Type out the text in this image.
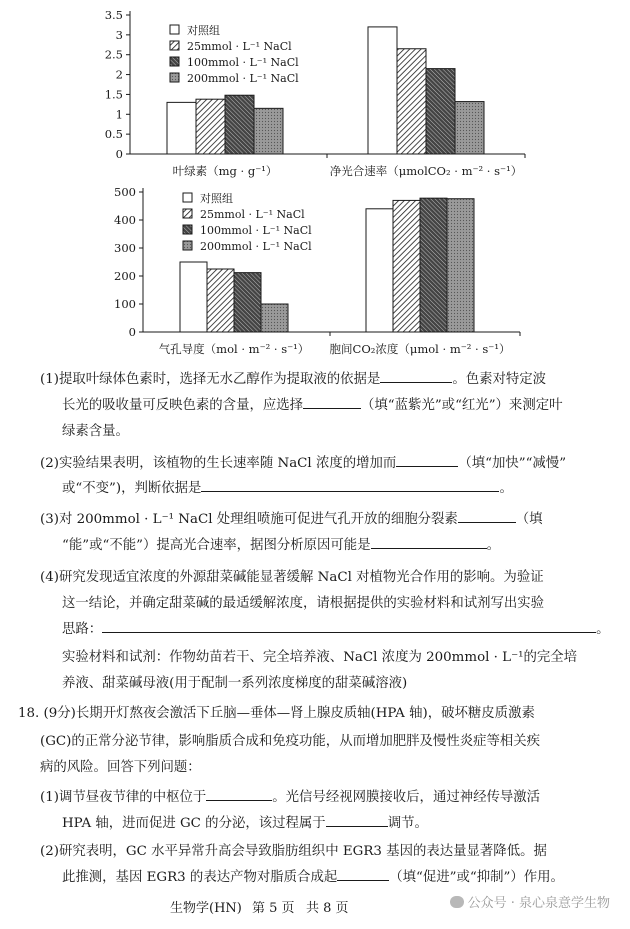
3.5
3
2.5
2
1.5
1
0.5
0
叶绿素（mg · g⁻¹）	净光合速率（μmolCO₂ · m⁻² · s⁻¹）
对照组
25mmol · L⁻¹ NaCl
100mmol · L⁻¹ NaCl
200mmol · L⁻¹ NaCl
500
400
300
200
100
0
气孔导度（mol · m⁻² · s⁻¹） 胞间CO₂浓度（μmol · m⁻² · s⁻¹）
对照组
25mmol · L⁻¹ NaCl
100mmol · L⁻¹ NaCl
200mmol · L⁻¹ NaCl
(1)提取叶绿体色素时，选择无水乙醇作为提取液的依据是	。色素对特定波
长光的吸收量可反映色素的含量，应选择	（填“蓝紫光”或“红光”）来测定叶
绿素含量。
(2)实验结果表明，该植物的生长速率随 NaCl 浓度的增加而	（填“加快”“减慢”
或“不变”)，判断依据是	。
(3)对 200mmol · L⁻¹ NaCl 处理组喷施可促进气孔开放的细胞分裂素	（填
“能”或“不能”）提高光合速率，据图分析原因可能是	。
(4)研究发现适宜浓度的外源甜菜碱能显著缓解 NaCl 对植物光合作用的影响。为验证
这一结论，并确定甜菜碱的最适缓解浓度，请根据提供的实验材料和试剂写出实验
思路：	。
实验材料和试剂：作物幼苗若干、完全培养液、NaCl 浓度为 200mmol · L⁻¹的完全培
养液、甜菜碱母液(用于配制一系列浓度梯度的甜菜碱溶液)
18. (9分)长期开灯熬夜会激活下丘脑—垂体—肾上腺皮质轴(HPA 轴)，破坏糖皮质激素
(GC)的正常分泌节律，影响脂质合成和免疫功能，从而增加肥胖及慢性炎症等相关疾
病的风险。回答下列问题：
(1)调节昼夜节律的中枢位于	。光信号经视网膜接收后，通过神经传导激活
HPA 轴，进而促进 GC 的分泌，该过程属于	调节。
(2)研究表明，GC 水平异常升高会导致脂肪组织中 EGR3 基因的表达量显著降低。据
此推测，基因 EGR3 的表达产物对脂质合成起	（填“促进”或“抑制”）作用。
生物学(HN) 第 5 页 共 8 页	公众号 · 泉心泉意学生物
